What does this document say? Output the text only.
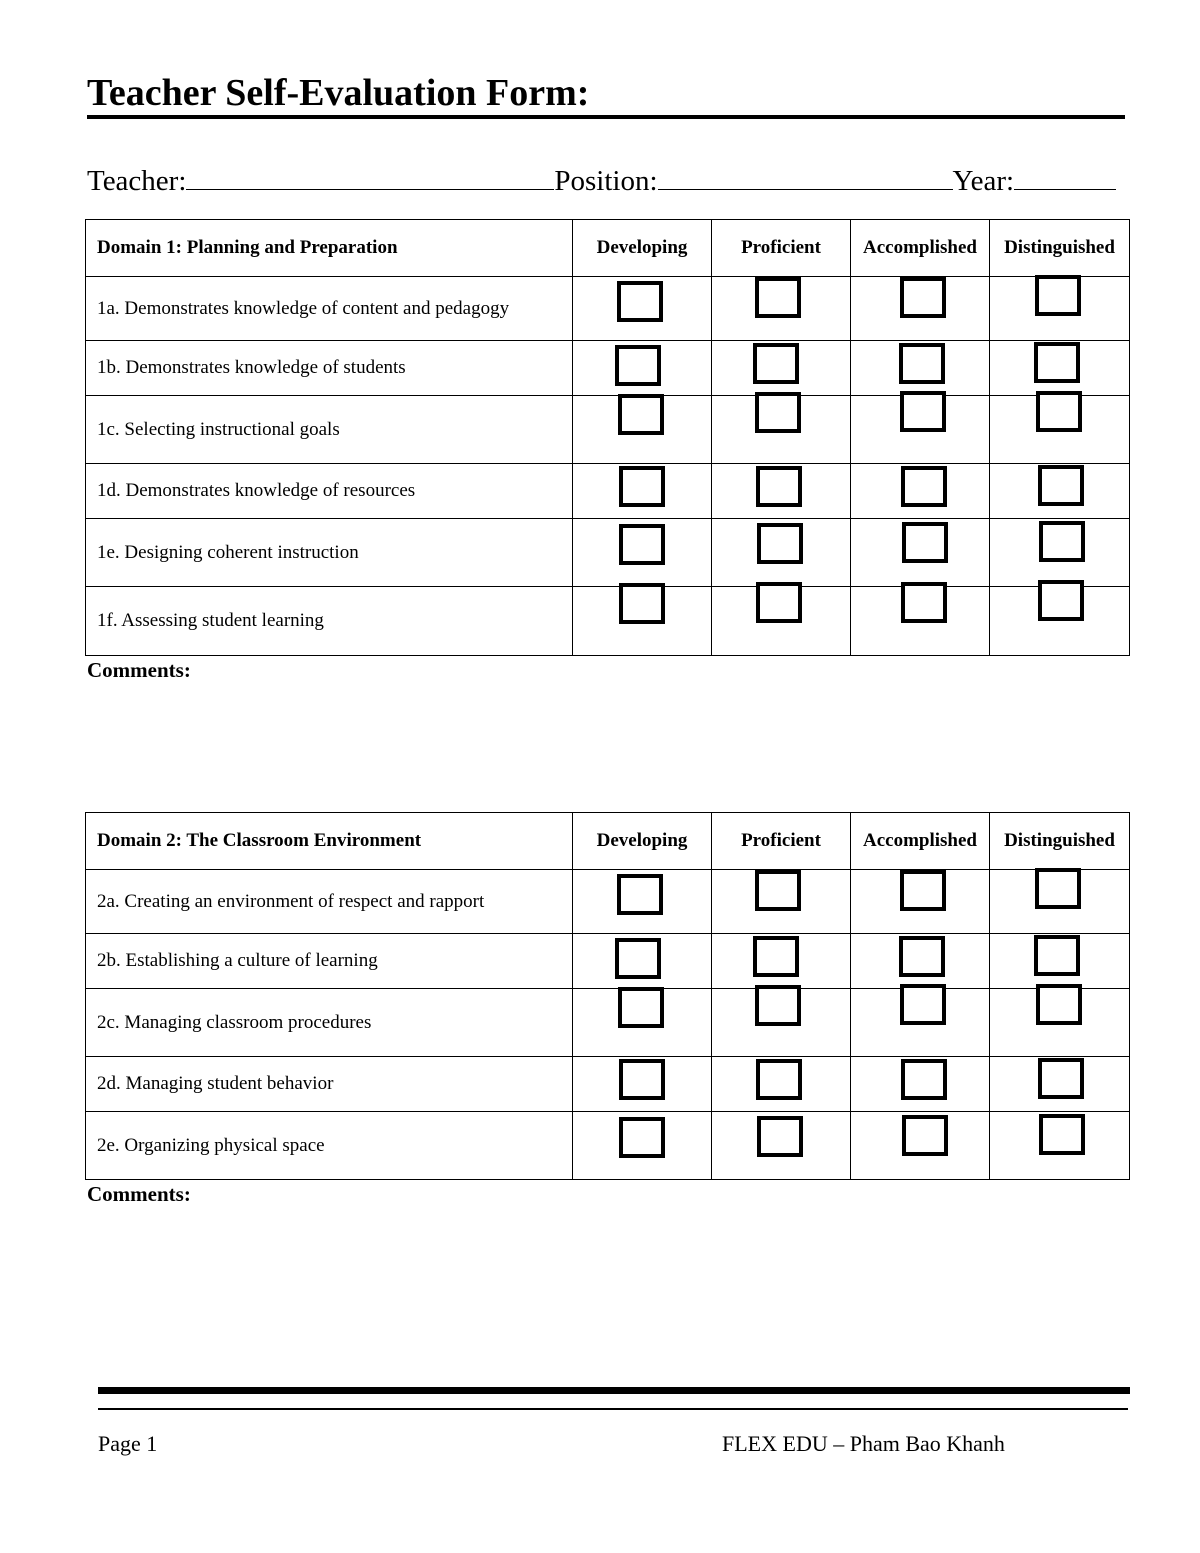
Teacher Self-Evaluation Form:
Teacher:	Position:	Year:
Domain 1: Planning and Preparation	Developing	Proficient	Accomplished	Distinguished
1a. Demonstrates knowledge of content and pedagogy	

1b. Demonstrates knowledge of students	

1c. Selecting instructional goals	

1d. Demonstrates knowledge of resources	

1e. Designing coherent instruction	

1f. Assessing student learning	

Comments:
Domain 2: The Classroom Environment	Developing	Proficient	Accomplished	Distinguished
2a. Creating an environment of respect and rapport	

2b. Establishing a culture of learning	

2c. Managing classroom procedures	

2d. Managing student behavior	

2e. Organizing physical space	

Comments:
Page 1	FLEX EDU – Pham Bao Khanh
